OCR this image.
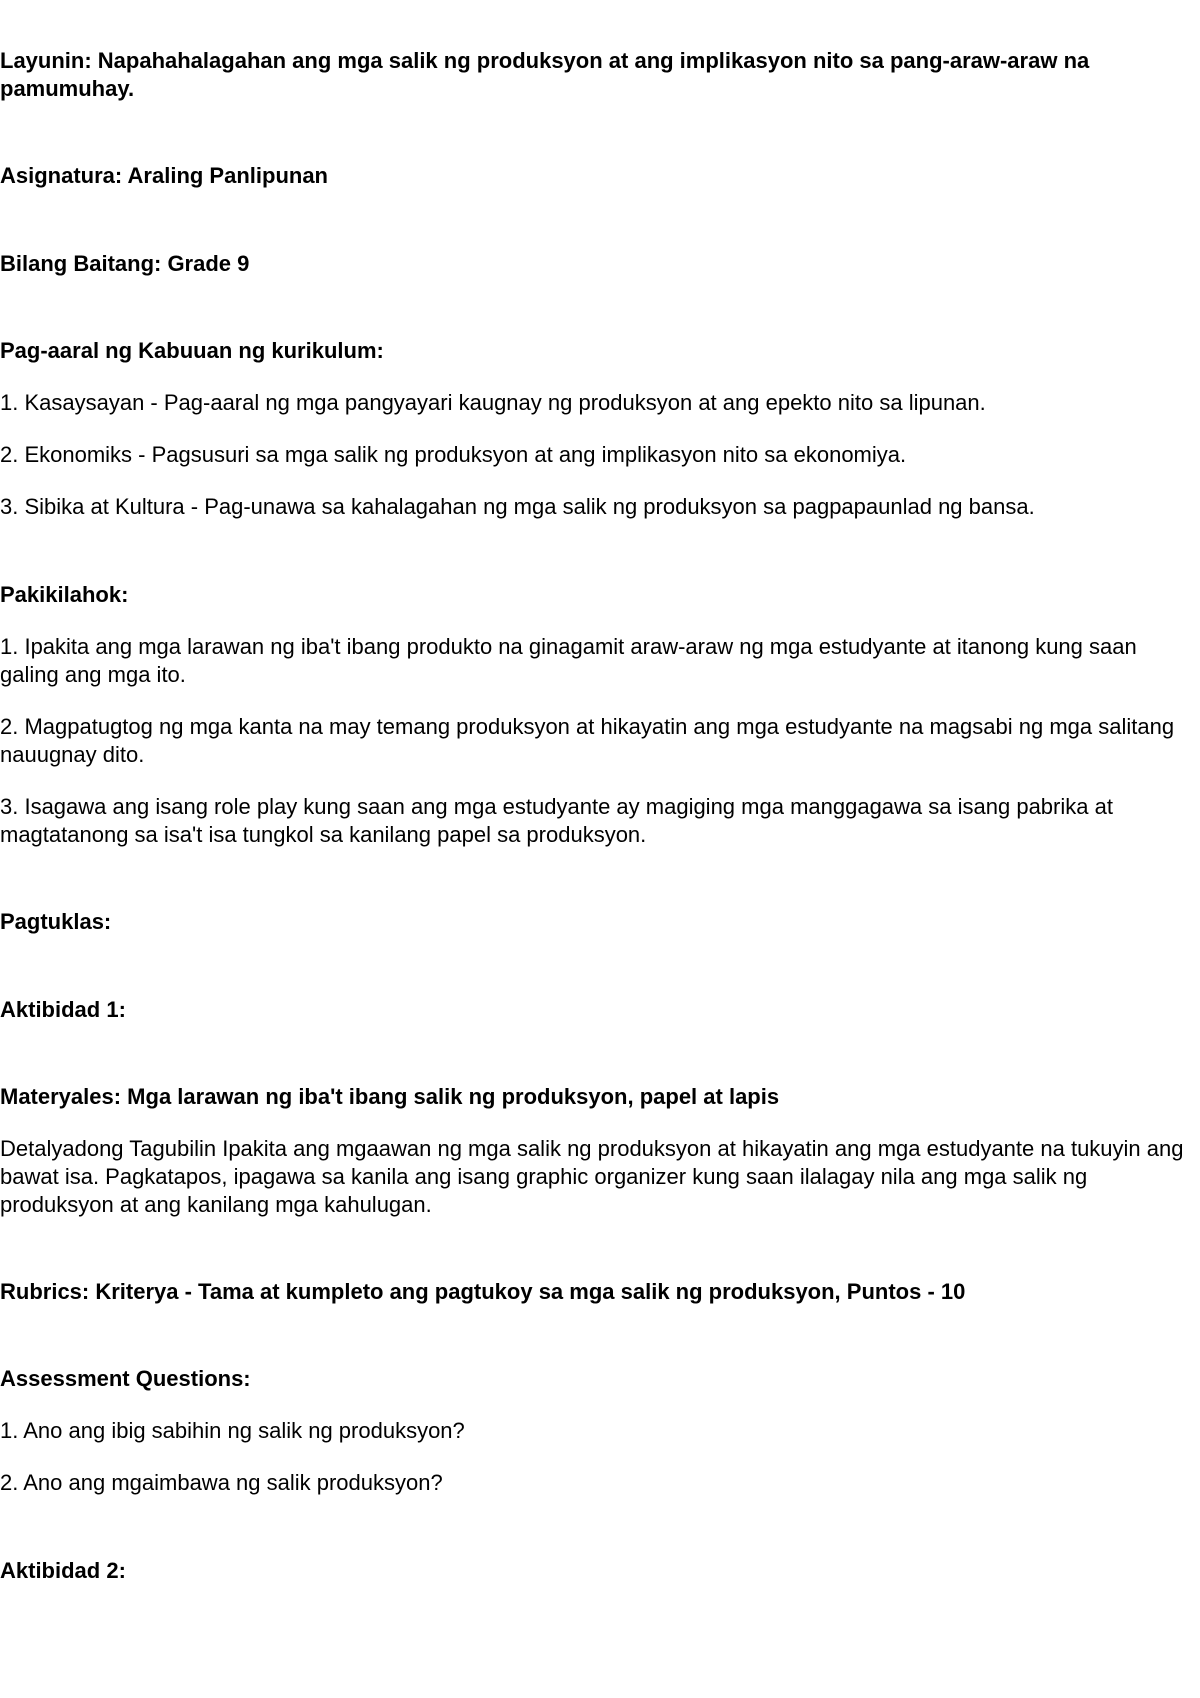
Layunin: Napahahalagahan ang mga salik ng produksyon at ang implikasyon nito sa pang-araw-araw na pamumuhay.

Asignatura: Araling Panlipunan

Bilang Baitang: Grade 9

Pag-aaral ng Kabuuan ng kurikulum:

1. Kasaysayan - Pag-aaral ng mga pangyayari kaugnay ng produksyon at ang epekto nito sa lipunan.

2. Ekonomiks - Pagsusuri sa mga salik ng produksyon at ang implikasyon nito sa ekonomiya.

3. Sibika at Kultura - Pag-unawa sa kahalagahan ng mga salik ng produksyon sa pagpapaunlad ng bansa.

Pakikilahok:

1. Ipakita ang mga larawan ng iba't ibang produkto na ginagamit araw-araw ng mga estudyante at itanong kung saan galing ang mga ito.

2. Magpatugtog ng mga kanta na may temang produksyon at hikayatin ang mga estudyante na magsabi ng mga salitang nauugnay dito.

3. Isagawa ang isang role play kung saan ang mga estudyante ay magiging mga manggagawa sa isang pabrika at magtatanong sa isa't isa tungkol sa kanilang papel sa produksyon.

Pagtuklas:

Aktibidad 1:

Materyales: Mga larawan ng iba't ibang salik ng produksyon, papel at lapis

Detalyadong Tagubilin Ipakita ang mgaawan ng mga salik ng produksyon at hikayatin ang mga estudyante na tukuyin ang bawat isa. Pagkatapos, ipagawa sa kanila ang isang graphic organizer kung saan ilalagay nila ang mga salik ng produksyon at ang kanilang mga kahulugan.

Rubrics: Kriterya - Tama at kumpleto ang pagtukoy sa mga salik ng produksyon, Puntos - 10

Assessment Questions:

1. Ano ang ibig sabihin ng salik ng produksyon?

2. Ano ang mgaimbawa ng salik produksyon?

Aktibidad 2:
